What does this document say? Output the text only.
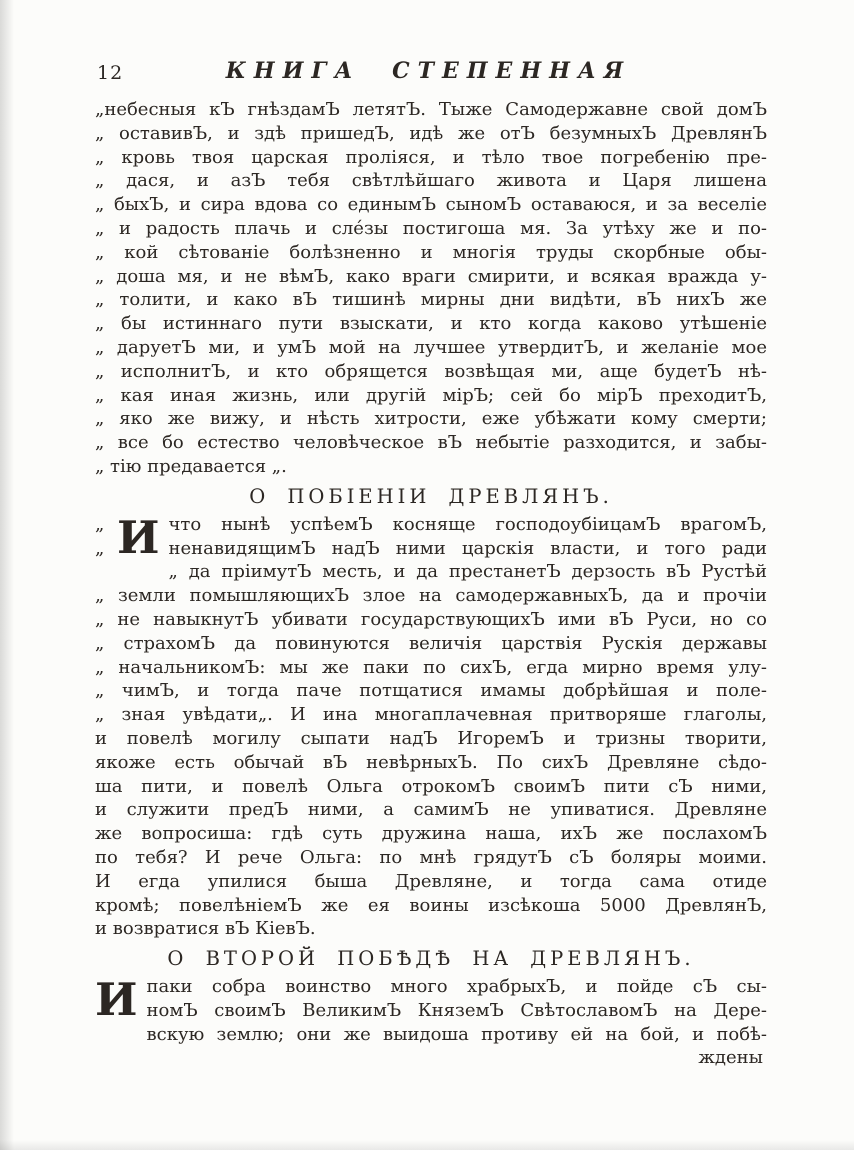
12	КНИГА СТЕПЕННАЯ
„небесныя кЪ гнѣздамЪ летятЪ. Тыже Самодержавне свой домЪ
„ оставивЪ, и здѣ пришедЪ, идѣ же отЪ безумныхЪ ДревлянЪ
„ кровь твоя царская проліяся, и тѣло твое погребенію пре-
„ дася, и азЪ тебя свѣтлѣйшаго живота и Царя лишена
„ быхЪ, и сира вдова со единымЪ сыномЪ оставаюся, и за веселіе
„ и радость плачь и сле́зы постигоша мя. За утѣху же и по-
„ кой сѣтованіе болѣзненно и многія труды скорбные обы-
„ доша мя, и не вѣмЪ, како враги смирити, и всякая вражда у-
„ толити, и како вЪ тишинѣ мирны дни видѣти, вЪ нихЪ же
„ бы истиннаго пути взыскати, и кто когда каково утѣшеніе
„ даруетЪ ми, и умЪ мой на лучшее утвердитЪ, и желаніе мое
„ исполнитЪ, и кто обрящется возвѣщая ми, аще будетЪ нѣ-
„ кая иная жизнь, или другій мірЪ; сей бо мірЪ преходитЪ,
„ яко же вижу, и нѣсть хитрости, еже убѣжати кому смерти;
„ все бо естество человѣческое вЪ небытіе разходится, и забы-
„ тію предавается „.
О ПОБІЕНІИ ДРЕВЛЯНЪ.
„
„ И что нынѣ успѣемЪ косняще господоубіицамЪ врагомЪ,
ненавидящимЪ надЪ ними царскія власти, и того ради
„ да пріимутЪ месть, и да престанетЪ дерзость вЪ Рустѣй
„ земли помышляющихЪ злое на самодержавныхЪ, да и прочіи
„ не навыкнутЪ убивати государствующихЪ ими вЪ Руси, но со
„ страхомЪ да повинуются величія царствія Рускія державы
„ начальникомЪ: мы же паки по сихЪ, егда мирно время улу-
„ чимЪ, и тогда паче потщатися имамы добрѣйшая и поле-
„ зная увѣдати„. И ина многаплачевная притворяше глаголы,
и повелѣ могилу сыпати надЪ ИгоремЪ и тризны творити,
якоже есть обычай вЪ невѣрныхЪ. По сихЪ Древляне сѣдо-
ша пити, и повелѣ Ольга отрокомЪ своимЪ пити сЪ ними,
и служити предЪ ними, а самимЪ не упиватися. Древляне
же вопросиша: гдѣ суть дружина наша, ихЪ же послахомЪ
по тебя? И рече Ольга: по мнѣ грядутЪ сЪ боляры моими.
И егда упилися быша Древляне, и тогда сама отиде
кромѣ; повелѣніемЪ же ея воины изсѣкоша 5000 ДревлянЪ,
и возвратися вЪ КіевЪ.
О ВТОРОЙ ПОБѢДѢ НА ДРЕВЛЯНЪ.
И паки собра воинство много храбрыхЪ, и пойде сЪ сы-
номЪ своимЪ ВеликимЪ КняземЪ СвѣтославомЪ на Дере-
вскую землю; они же выидоша противу ей на бой, и побѣ-
ждены
